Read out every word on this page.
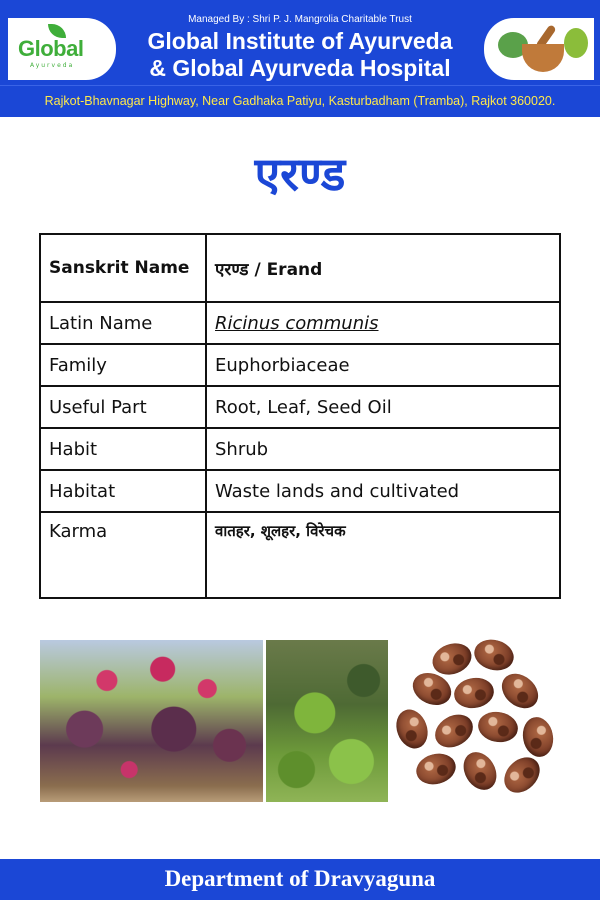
Global
Ayurveda
Managed By : Shri P. J. Mangrolia Charitable Trust
Global Institute of Ayurveda
& Global Ayurveda Hospital
Rajkot-Bhavnagar Highway, Near Gadhaka Patiyu, Kasturbadham (Tramba), Rajkot 360020.
एरण्ड
Sanskrit Name	एरण्ड / Erand
Latin Name	Ricinus communis
Family	Euphorbiaceae
Useful Part	Root, Leaf, Seed Oil
Habit	Shrub
Habitat	Waste lands and cultivated
Karma	वातहर, शूलहर, विरेचक
Department of Dravyaguna
